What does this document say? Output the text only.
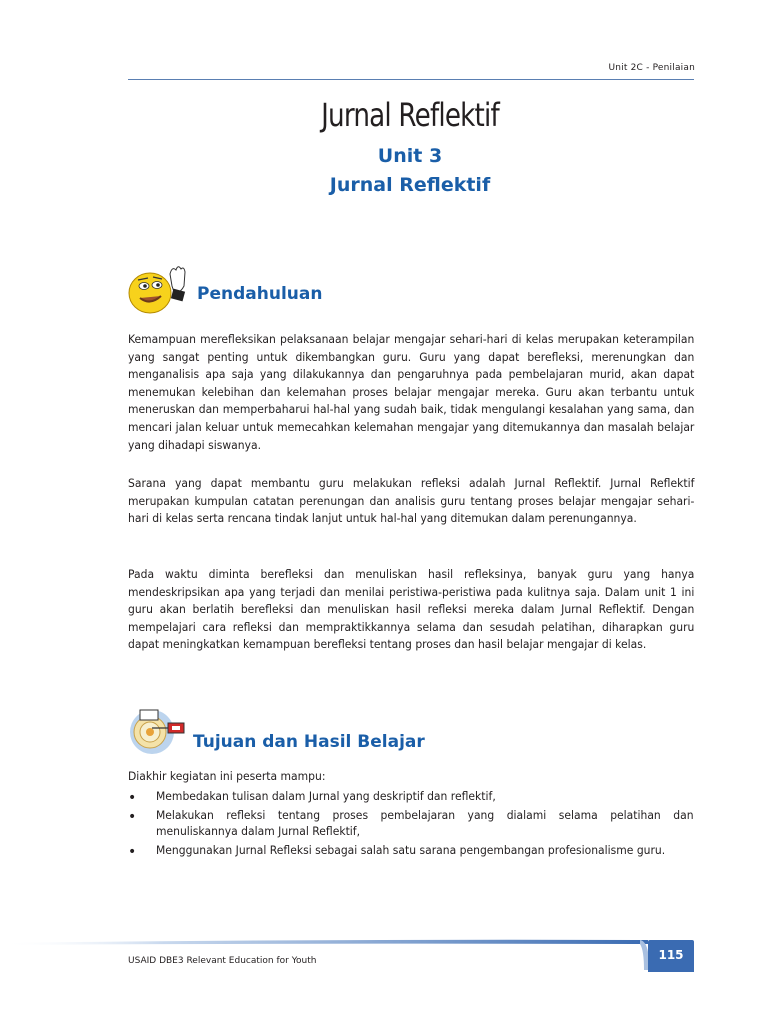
Unit 2C - Penilaian
Jurnal Reflektif
Unit 3
Jurnal Reflektif
Pendahuluan
Kemampuan merefleksikan pelaksanaan belajar mengajar sehari-hari di kelas merupakan keterampilan yang sangat penting untuk dikembangkan guru. Guru yang dapat berefleksi, merenungkan dan menganalisis apa saja yang dilakukannya dan pengaruhnya pada pembelajaran murid, akan dapat menemukan kelebihan dan kelemahan proses belajar mengajar mereka. Guru akan terbantu untuk meneruskan dan memperbaharui hal-hal yang sudah baik, tidak mengulangi kesalahan yang sama, dan mencari jalan keluar untuk memecahkan kelemahan mengajar yang ditemukannya dan masalah belajar yang dihadapi siswanya.
Sarana yang dapat membantu guru melakukan refleksi adalah Jurnal Reflektif. Jurnal Reflektif merupakan kumpulan catatan perenungan dan analisis guru tentang proses belajar mengajar sehari-hari di kelas serta rencana tindak lanjut untuk hal-hal yang ditemukan dalam perenungannya.
Pada waktu diminta berefleksi dan menuliskan hasil refleksinya, banyak guru yang hanya mendeskripsikan apa yang terjadi dan menilai peristiwa-peristiwa pada kulitnya saja. Dalam unit 1 ini guru akan berlatih berefleksi dan menuliskan hasil refleksi mereka dalam Jurnal Reflektif. Dengan mempelajari cara refleksi dan mempraktikkannya selama dan sesudah pelatihan, diharapkan guru dapat meningkatkan kemampuan berefleksi tentang proses dan hasil belajar mengajar di kelas.
Tujuan dan Hasil Belajar
Diakhir kegiatan ini peserta mampu:
• Membedakan tulisan dalam Jurnal yang deskriptif dan reflektif,
• Melakukan refleksi tentang proses pembelajaran yang dialami selama pelatihan dan menuliskannya dalam Jurnal Reflektif,
• Menggunakan Jurnal Refleksi sebagai salah satu sarana pengembangan profesionalisme guru.
115
USAID DBE3 Relevant Education for Youth
